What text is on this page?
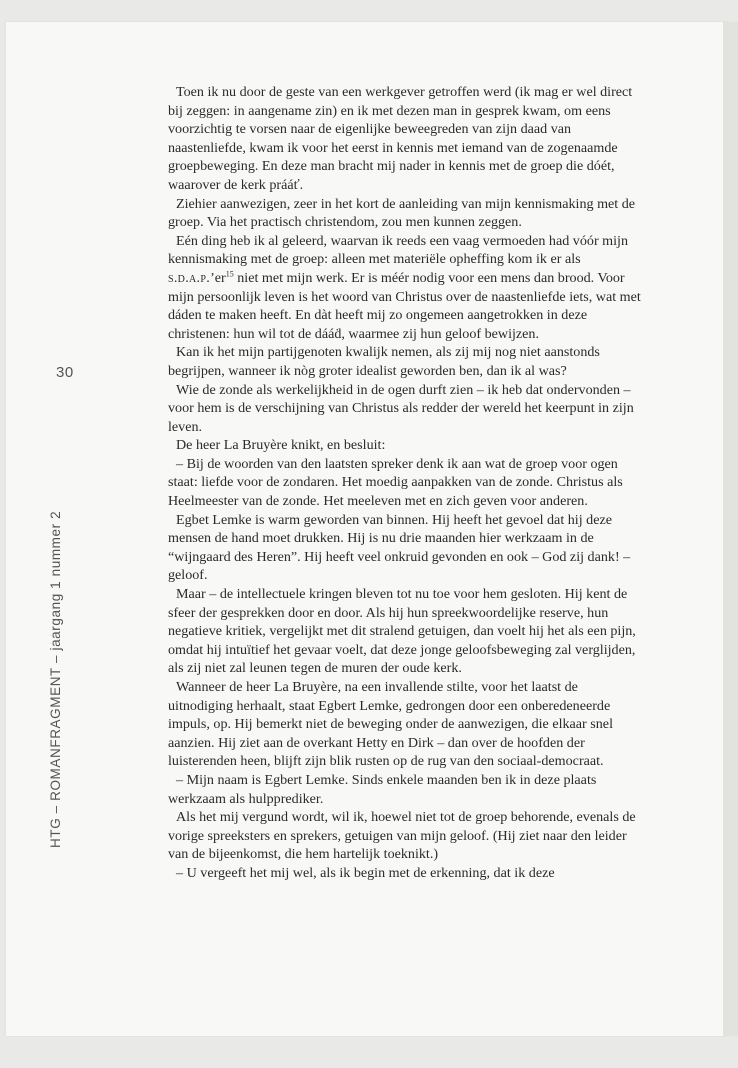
30
HTG – ROMANFRAGMENT – jaargang 1 nummer 2

Toen ik nu door de geste van een werkgever getroffen werd (ik mag er wel direct bij zeggen: in aangename zin) en ik met dezen man in gesprek kwam, om eens voorzichtig te vorsen naar de eigenlijke beweegreden van zijn daad van naastenliefde, kwam ik voor het eerst in kennis met iemand van de zogenaamde groepbeweging. En deze man bracht mij nader in kennis met de groep die dóét, waarover de kerk prááť.

Ziehier aanwezigen, zeer in het kort de aanleiding van mijn kennismaking met de groep. Via het practisch christendom, zou men kunnen zeggen.

Eén ding heb ik al geleerd, waarvan ik reeds een vaag vermoeden had vóór mijn kennismaking met de groep: alleen met materiële opheffing kom ik er als $s.d.a.p.’er^{15}$ niet met mijn werk. Er is méér nodig voor een mens dan brood. Voor mijn persoonlijk leven is het woord van Christus over de naastenliefde iets, wat met dáden te maken heeft. En dàt heeft mij zo ongemeen aangetrokken in deze christenen: hun wil tot de dááḋ, waarmee zij hun geloof bewijzen.

Kan ik het mijn partijgenoten kwalijk nemen, als zij mij nog niet aanstonds begrijpen, wanneer ik nòg groter idealist geworden ben, dan ik al was?

Wie de zonde als werkelijkheid in de ogen durft zien – ik heb dat ondervonden – voor hem is de verschijning van Christus als redder der wereld het keerpunt in zijn leven.

De heer La Bruyère knikt, en besluit:

– Bij de woorden van den laatsten spreker denk ik aan wat de groep voor ogen staat: liefde voor de zondaren. Het moedig aanpakken van de zonde. Christus als Heelmeester van de zonde. Het meeleven met en zich geven voor anderen.

Egbet Lemke is warm geworden van binnen. Hij heeft het gevoel dat hij deze mensen de hand moet drukken. Hij is nu drie maanden hier werkzaam in de “wijngaard des Heren”. Hij heeft veel onkruid gevonden en ook – God zij dank! – geloof.

Maar – de intellectuele kringen bleven tot nu toe voor hem gesloten. Hij kent de sfeer der gesprekken door en door. Als hij hun spreekwoordelijke reserve, hun negatieve kritiek, vergelijkt met dit stralend getuigen, dan voelt hij het als een pijn, omdat hij intuïtief het gevaar voelt, dat deze jonge geloofsbeweging zal verglijden, als zij niet zal leunen tegen de muren der oude kerk.

Wanneer de heer La Bruyère, na een invallende stilte, voor het laatst de uitnodiging herhaalt, staat Egbert Lemke, gedrongen door een onberedeneerde impuls, op. Hij bemerkt niet de beweging onder de aanwezigen, die elkaar snel aanzien. Hij ziet aan de overkant Hetty en Dirk – dan over de hoofden der luisterenden heen, blijft zijn blik rusten op de rug van den sociaal-democraat.

– Mijn naam is Egbert Lemke. Sinds enkele maanden ben ik in deze plaats werkzaam als hulpprediker.

Als het mij vergund wordt, wil ik, hoewel niet tot de groep behorende, evenals de vorige spreeksters en sprekers, getuigen van mijn geloof. (Hij ziet naar den leider van de bijeenkomst, die hem hartelijk toeknikt.)

– U vergeeft het mij wel, als ik begin met de erkenning, dat ik deze
